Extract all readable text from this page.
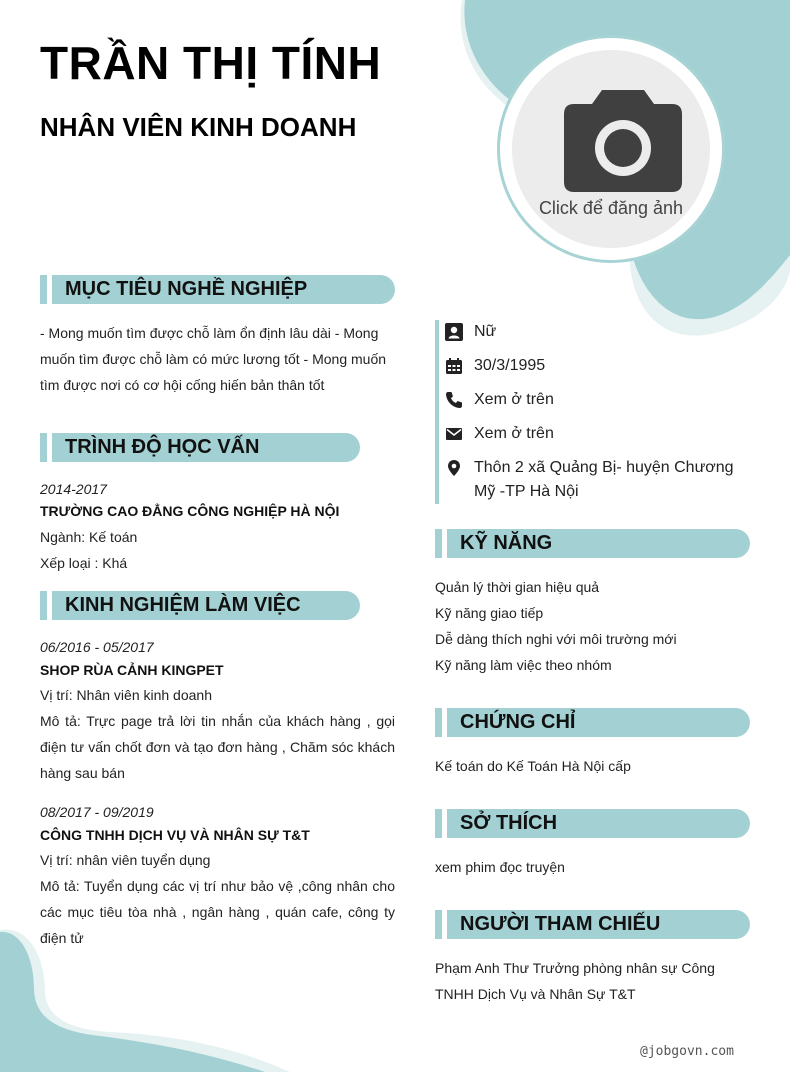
TRẦN THỊ TÍNH
NHÂN VIÊN KINH DOANH
Click để đăng ảnh
MỤC TIÊU NGHỀ NGHIỆP

- Mong muốn tìm được chỗ làm ổn định lâu dài - Mong muốn tìm được chỗ làm có mức lương tốt - Mong muốn tìm được nơi có cơ hội cống hiến bản thân tốt

TRÌNH ĐỘ HỌC VẤN
2014-2017
TRƯỜNG CAO ĐẲNG CÔNG NGHIỆP HÀ NỘI
Ngành: Kế toán
Xếp loại : Khá
KINH NGHIỆM LÀM VIỆC
06/2016 - 05/2017
SHOP RÙA CẢNH KINGPET
Vị trí: Nhân viên kinh doanh

Mô tả: Trực page trả lời tin nhắn của khách hàng , gọi điện tư vấn chốt đơn và tạo đơn hàng , Chăm sóc khách hàng sau bán

08/2017 - 09/2019
CÔNG TNHH DỊCH VỤ VÀ NHÂN SỰ T&T
Vị trí: nhân viên tuyển dụng

Mô tả: Tuyển dụng các vị trí như bảo vệ ,công nhân cho các mục tiêu tòa nhà , ngân hàng , quán cafe, công ty điện tử

Nữ
30/3/1995
Xem ở trên
Xem ở trên
Thôn 2 xã Quảng Bị- huyện Chương Mỹ -TP Hà Nội
KỸ NĂNG
Quản lý thời gian hiệu quả
Kỹ năng giao tiếp
Dễ dàng thích nghi với môi trường mới
Kỹ năng làm việc theo nhóm
CHỨNG CHỈ
Kế toán do Kế Toán Hà Nội cấp
SỞ THÍCH
xem phim đọc truyện
NGƯỜI THAM CHIẾU

Phạm Anh Thư Trưởng phòng nhân sự Công TNHH Dịch Vụ và Nhân Sự T&T

@jobgovn.com
